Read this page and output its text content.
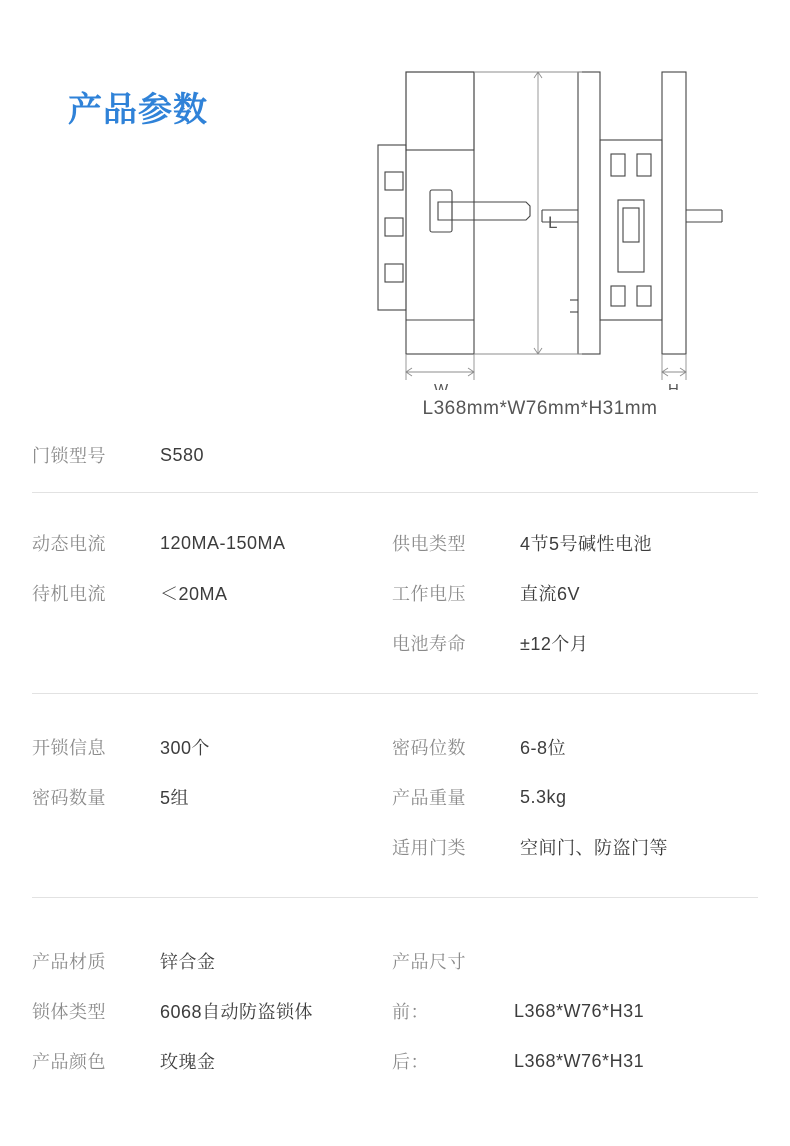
产品参数
L
W	H
L368mm*W76mm*H31mm
门锁型号	S580
动态电流	120MA-150MA	供电类型	4节5号碱性电池
待机电流	＜20MA	工作电压	直流6V
电池寿命	±12个月
开锁信息	300个	密码位数	6-8位
密码数量	5组	产品重量	5.3kg
适用门类	空间门、防盗门等
产品材质	锌合金	产品尺寸
锁体类型	6068自动防盗锁体	前：	L368*W76*H31
产品颜色	玫瑰金	后：	L368*W76*H31
